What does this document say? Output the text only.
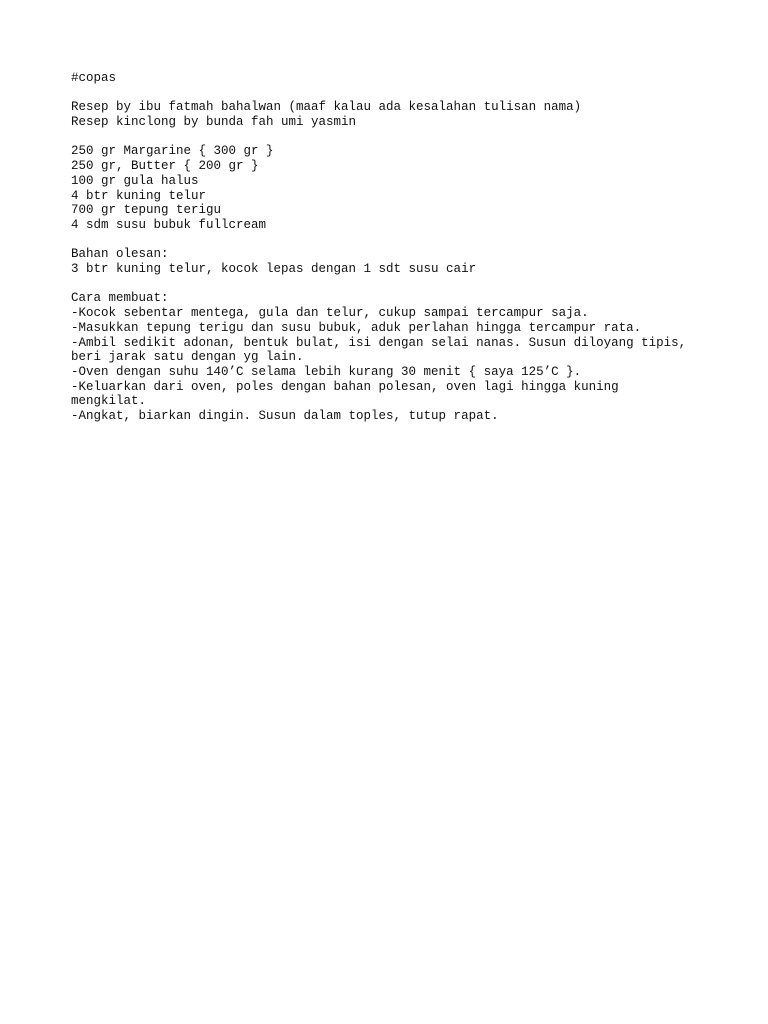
#copas
Resep by ibu fatmah bahalwan (maaf kalau ada kesalahan tulisan nama)
Resep kinclong by bunda fah umi yasmin
250 gr Margarine { 300 gr }
250 gr, Butter { 200 gr }
100 gr gula halus
4 btr kuning telur
700 gr tepung terigu
4 sdm susu bubuk fullcream
Bahan olesan:
3 btr kuning telur, kocok lepas dengan 1 sdt susu cair
Cara membuat:
-Kocok sebentar mentega, gula dan telur, cukup sampai tercampur saja.
-Masukkan tepung terigu dan susu bubuk, aduk perlahan hingga tercampur rata.
-Ambil sedikit adonan, bentuk bulat, isi dengan selai nanas. Susun diloyang tipis,
beri jarak satu dengan yg lain.
-Oven dengan suhu 140’C selama lebih kurang 30 menit { saya 125’C }.
-Keluarkan dari oven, poles dengan bahan polesan, oven lagi hingga kuning
mengkilat.
-Angkat, biarkan dingin. Susun dalam toples, tutup rapat.
